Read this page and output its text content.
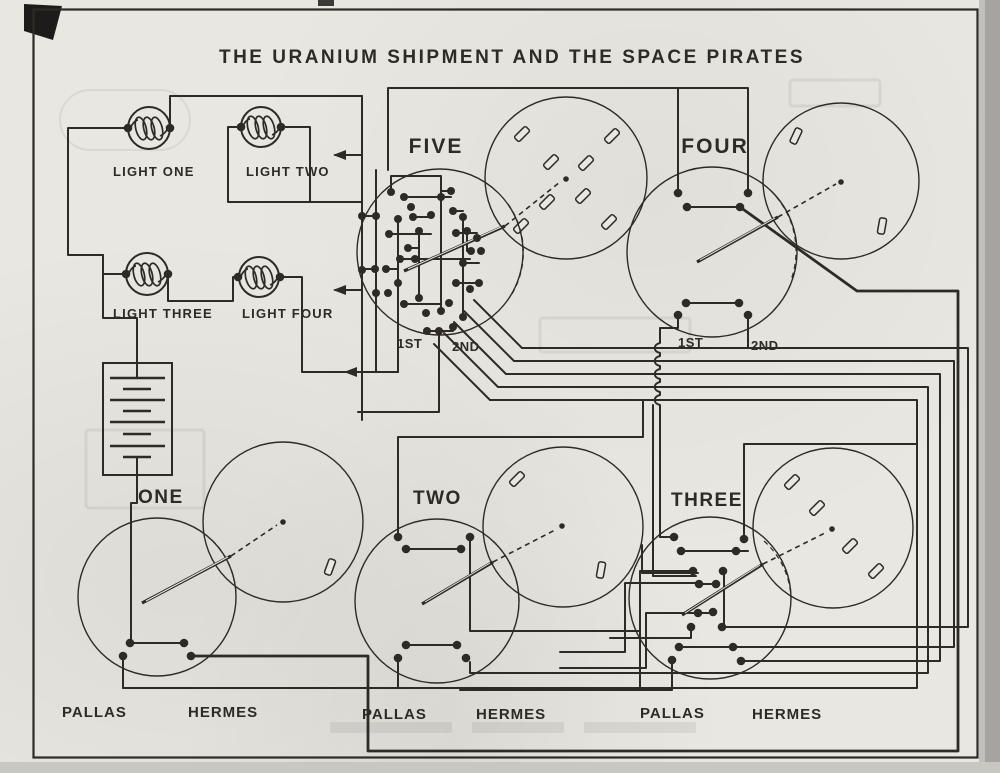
THE URANIUM SHIPMENT AND THE SPACE PIRATES
LIGHT ONE	LIGHT TWO
LIGHT THREE LIGHT FOUR
FIVE	FOUR
ONE	TWO	THREE
1ST 2ND	1ST	2ND
PALLAS	HERMES	PALLAS	HERMES	PALLAS	HERMES
